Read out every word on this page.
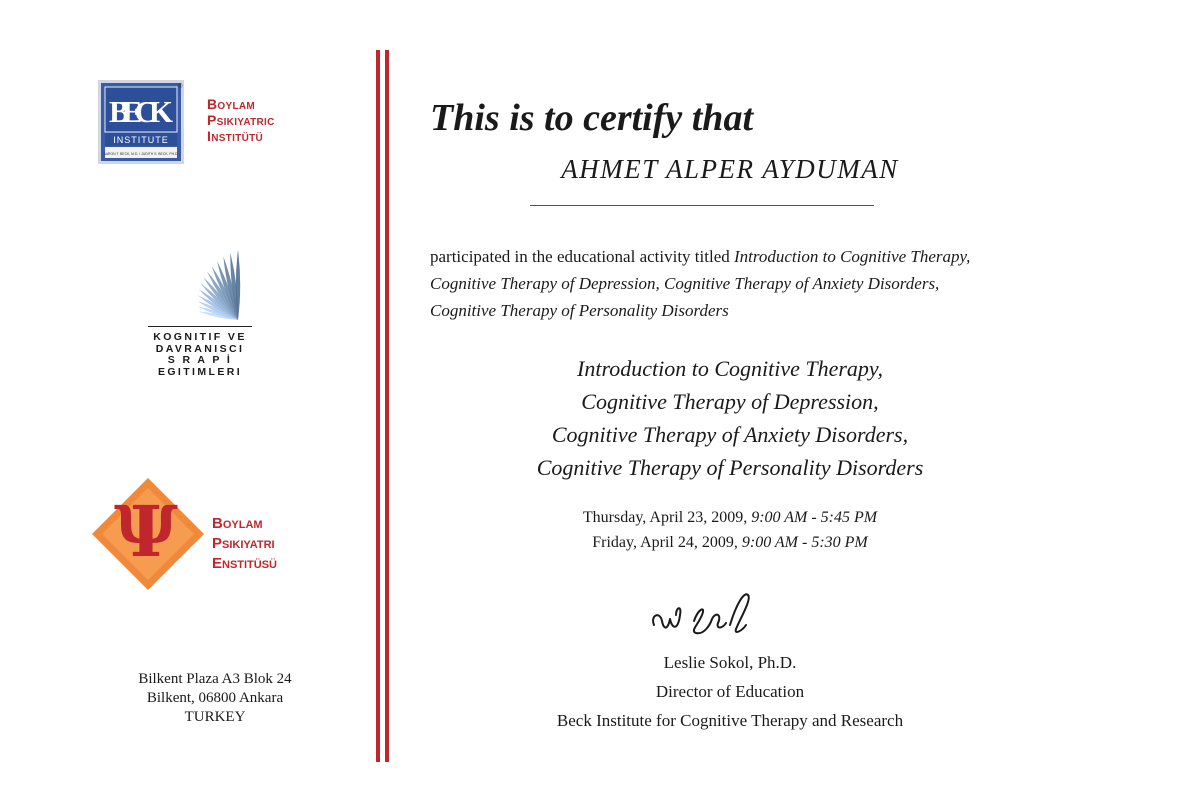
BECK
INSTITUTE
AARON T. BECK, M.D. / JUDITH S. BECK, PH.D.
®
Boylam
Psikiyatric
Institütü
KOGNITIF VE
DAVRANISCI
S R A P İ
EGITIMLERI
Ψ Boylam
Psikiyatri
Enstitüsü
Bilkent Plaza A3 Blok 24
Bilkent, 06800 Ankara
TURKEY
This is to certify that
AHMET ALPER AYDUMAN
participated in the educational activity titled Introduction to Cognitive Therapy,
Cognitive Therapy of Depression, Cognitive Therapy of Anxiety Disorders,
Cognitive Therapy of Personality Disorders
Introduction to Cognitive Therapy,
Cognitive Therapy of Depression,
Cognitive Therapy of Anxiety Disorders,
Cognitive Therapy of Personality Disorders
Thursday, April 23, 2009, 9:00 AM - 5:45 PM
Friday, April 24, 2009, 9:00 AM - 5:30 PM
Leslie Sokol, Ph.D.
Director of Education
Beck Institute for Cognitive Therapy and Research
